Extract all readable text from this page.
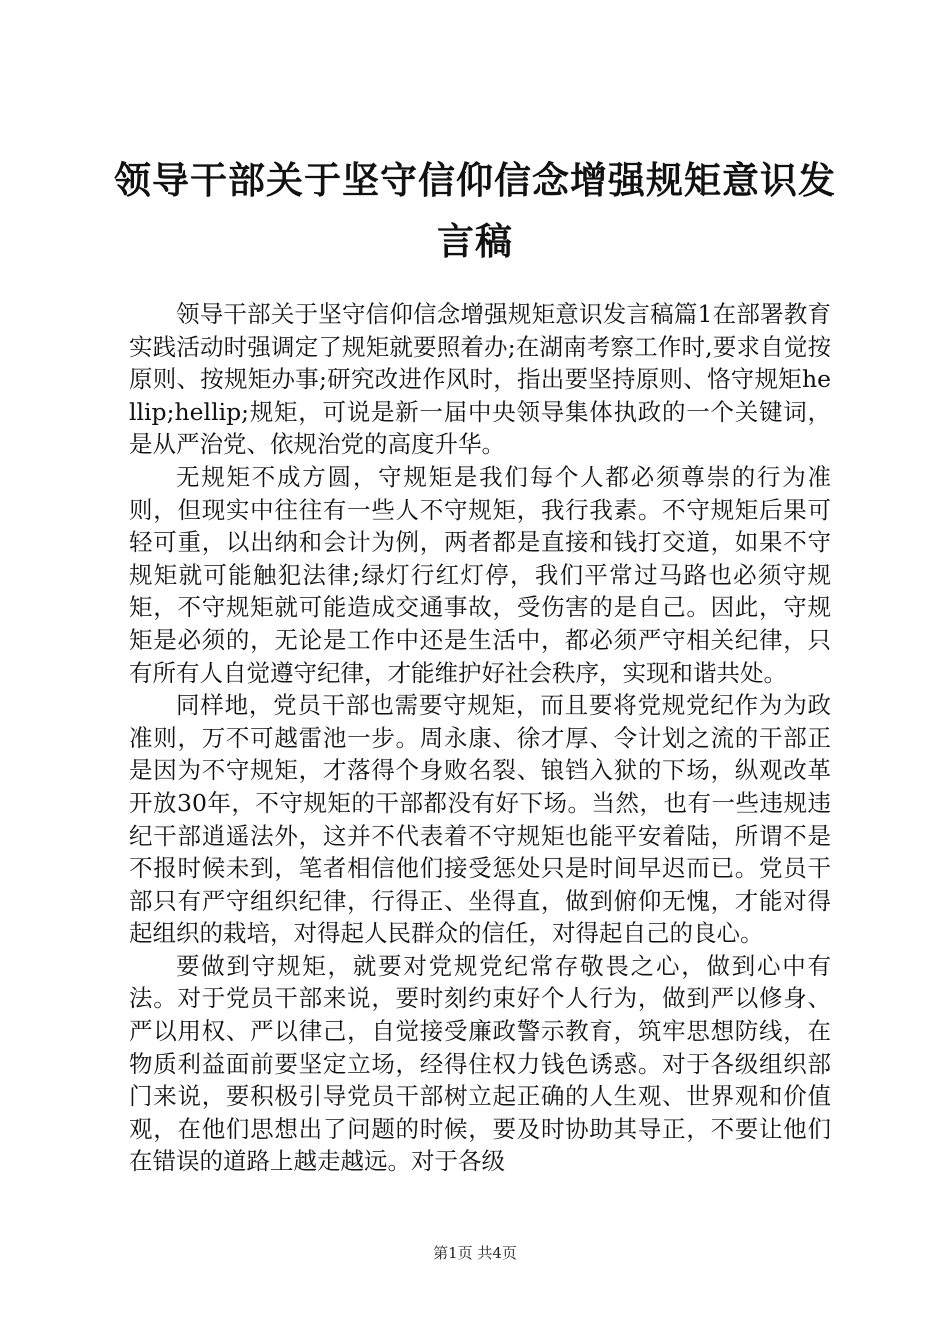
领导干部关于坚守信仰信念增强规矩意识发言稿

领导干部关于坚守信仰信念增强规矩意识发言稿篇1在部署教育实践活动时强调定了规矩就要照着办;在湖南考察工作时,要求自觉按原则、按规矩办事;研究改进作风时，指出要坚持原则、恪守规矩hellip;hellip;规矩，可说是新一届中央领导集体执政的一个关键词，是从严治党、依规治党的高度升华。

无规矩不成方圆，守规矩是我们每个人都必须尊崇的行为准则，但现实中往往有一些人不守规矩，我行我素。不守规矩后果可轻可重，以出纳和会计为例，两者都是直接和钱打交道，如果不守规矩就可能触犯法律;绿灯行红灯停，我们平常过马路也必须守规矩，不守规矩就可能造成交通事故，受伤害的是自己。因此，守规矩是必须的，无论是工作中还是生活中，都必须严守相关纪律，只有所有人自觉遵守纪律，才能维护好社会秩序，实现和谐共处。

同样地，党员干部也需要守规矩，而且要将党规党纪作为为政准则，万不可越雷池一步。周永康、徐才厚、令计划之流的干部正是因为不守规矩，才落得个身败名裂、锒铛入狱的下场，纵观改革开放30年，不守规矩的干部都没有好下场。当然，也有一些违规违纪干部逍遥法外，这并不代表着不守规矩也能平安着陆，所谓不是不报时候未到，笔者相信他们接受惩处只是时间早迟而已。党员干部只有严守组织纪律，行得正、坐得直，做到俯仰无愧，才能对得起组织的栽培，对得起人民群众的信任，对得起自己的良心。

要做到守规矩，就要对党规党纪常存敬畏之心，做到心中有法。对于党员干部来说，要时刻约束好个人行为，做到严以修身、严以用权、严以律己，自觉接受廉政警示教育，筑牢思想防线，在物质利益面前要坚定立场，经得住权力钱色诱惑。对于各级组织部门来说，要积极引导党员干部树立起正确的人生观、世界观和价值观，在他们思想出了问题的时候，要及时协助其导正，不要让他们在错误的道路上越走越远。对于各级

第1页 共4页
